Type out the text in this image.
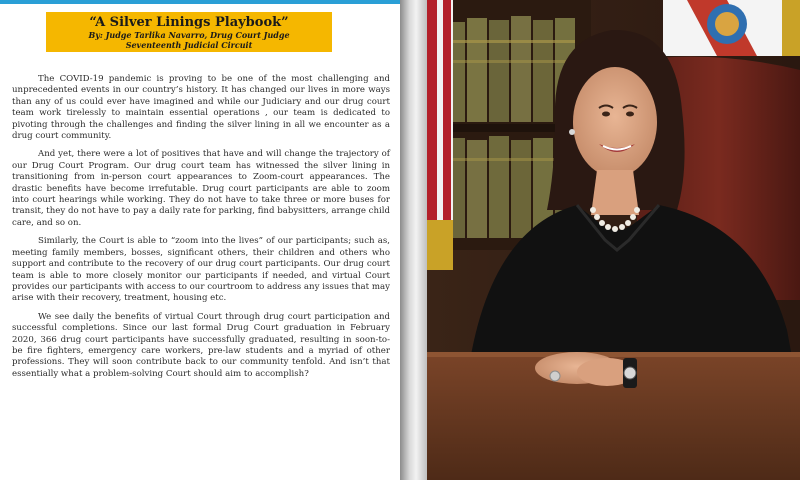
“A Silver Linings Playbook”
By: Judge Tarlika Navarro, Drug Court Judge
Seventeenth Judicial Circuit

The COVID-19 pandemic is proving to be one of the most challenging and unprecedented events in our country’s history. It has changed our lives in more ways than any of us could ever have imagined and while our Judiciary and our drug court team work tirelessly to maintain essential operations , our team is dedicated to pivoting through the challenges and finding the silver lining in all we encounter as a drug court community.

And yet, there were a lot of positives that have and will change the trajectory of our Drug Court Program. Our drug court team has witnessed the silver lining in transitioning from in-person court appearances to Zoom-court appearances. The drastic benefits have become irrefutable. Drug court participants are able to zoom into court hearings while working. They do not have to take three or more buses for transit, they do not have to pay a daily rate for parking, find babysitters, arrange child care, and so on.

Similarly, the Court is able to “zoom into the lives” of our participants; such as, meeting family members, bosses, significant others, their children and others who support and contribute to the recovery of our drug court participants. Our drug court team is able to more closely monitor our participants if needed, and virtual Court provides our participants with access to our courtroom to address any issues that may arise with their recovery, treatment, housing etc.

We see daily the benefits of virtual Court through drug court participation and successful completions. Since our last formal Drug Court graduation in February 2020, 366 drug court participants have successfully graduated, resulting in soon-to-be fire fighters, emergency care workers, pre-law students and a myriad of other professions. They will soon contribute back to our community tenfold. And isn’t that essentially what a problem-solving Court should aim to accomplish?
